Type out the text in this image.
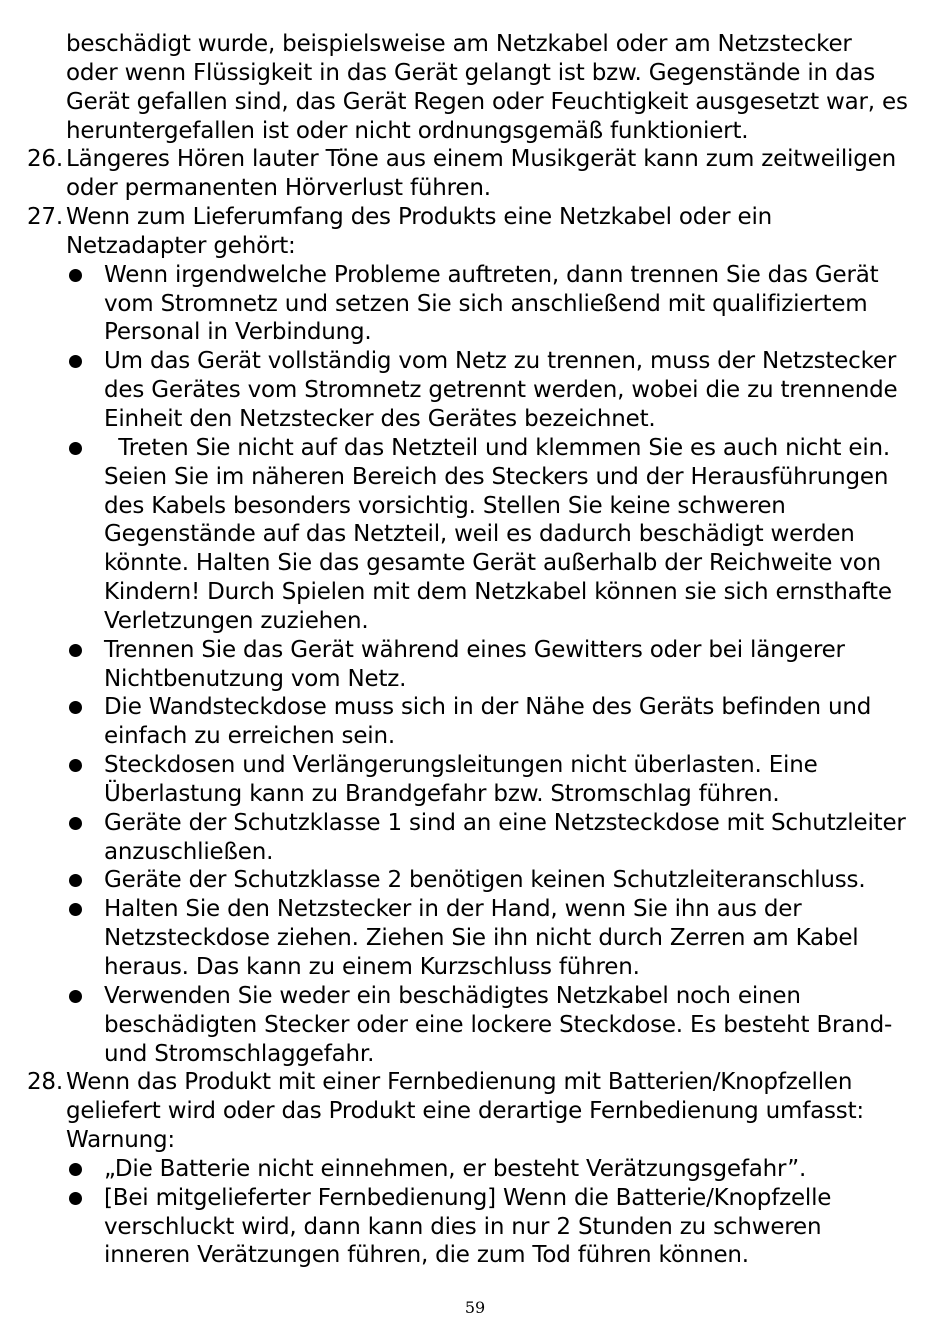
beschädigt wurde, beispielsweise am Netzkabel oder am Netzstecker
oder wenn Flüssigkeit in das Gerät gelangt ist bzw. Gegenstände in das
Gerät gefallen sind, das Gerät Regen oder Feuchtigkeit ausgesetzt war, es
heruntergefallen ist oder nicht ordnungsgemäß funktioniert.
26. Längeres Hören lauter Töne aus einem Musikgerät kann zum zeitweiligen
oder permanenten Hörverlust führen.
27. Wenn zum Lieferumfang des Produkts eine Netzkabel oder ein
Netzadapter gehört:
Wenn irgendwelche Probleme auftreten, dann trennen Sie das Gerät
vom Stromnetz und setzen Sie sich anschließend mit qualifiziertem
Personal in Verbindung.
Um das Gerät vollständig vom Netz zu trennen, muss der Netzstecker
des Gerätes vom Stromnetz getrennt werden, wobei die zu trennende
Einheit den Netzstecker des Gerätes bezeichnet.
Treten Sie nicht auf das Netzteil und klemmen Sie es auch nicht ein.
Seien Sie im näheren Bereich des Steckers und der Herausführungen
des Kabels besonders vorsichtig. Stellen Sie keine schweren
Gegenstände auf das Netzteil, weil es dadurch beschädigt werden
könnte. Halten Sie das gesamte Gerät außerhalb der Reichweite von
Kindern! Durch Spielen mit dem Netzkabel können sie sich ernsthafte
Verletzungen zuziehen.
Trennen Sie das Gerät während eines Gewitters oder bei längerer
Nichtbenutzung vom Netz.
Die Wandsteckdose muss sich in der Nähe des Geräts befinden und
einfach zu erreichen sein.
Steckdosen und Verlängerungsleitungen nicht überlasten. Eine
Überlastung kann zu Brandgefahr bzw. Stromschlag führen.
Geräte der Schutzklasse 1 sind an eine Netzsteckdose mit Schutzleiter
anzuschließen.
Geräte der Schutzklasse 2 benötigen keinen Schutzleiteranschluss.
Halten Sie den Netzstecker in der Hand, wenn Sie ihn aus der
Netzsteckdose ziehen. Ziehen Sie ihn nicht durch Zerren am Kabel
heraus. Das kann zu einem Kurzschluss führen.
Verwenden Sie weder ein beschädigtes Netzkabel noch einen
beschädigten Stecker oder eine lockere Steckdose. Es besteht Brand-
und Stromschlaggefahr.
28. Wenn das Produkt mit einer Fernbedienung mit Batterien/Knopfzellen
geliefert wird oder das Produkt eine derartige Fernbedienung umfasst:
Warnung:
„Die Batterie nicht einnehmen, er besteht Verätzungsgefahr”.
[Bei mitgelieferter Fernbedienung] Wenn die Batterie/Knopfzelle
verschluckt wird, dann kann dies in nur 2 Stunden zu schweren
inneren Verätzungen führen, die zum Tod führen können.
59
